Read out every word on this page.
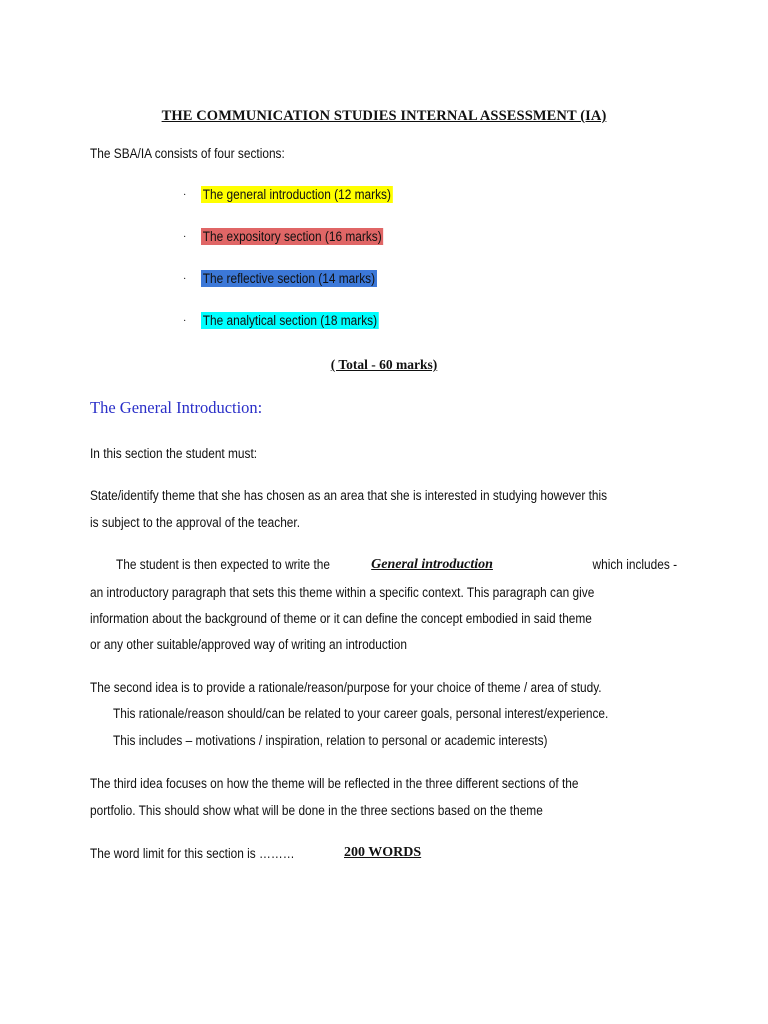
THE COMMUNICATION STUDIES INTERNAL ASSESSMENT (IA)
The SBA/IA consists of four sections:
· The general introduction (12 marks)
· The expository section (16 marks)
· The reflective section (14 marks)
· The analytical section (18 marks)
( Total - 60 marks)
The General Introduction:
In this section the student must:
State/identify theme that she has chosen as an area that she is interested in studying however this
is subject to the approval of the teacher.
The student is then expected to write the	General introduction	which includes -
an introductory paragraph that sets this theme within a specific context. This paragraph can give
information about the background of theme or it can define the concept embodied in said theme
or any other suitable/approved way of writing an introduction
The second idea is to provide a rationale/reason/purpose for your choice of theme / area of study.
This rationale/reason should/can be related to your career goals, personal interest/experience.
This includes – motivations / inspiration, relation to personal or academic interests)
The third idea focuses on how the theme will be reflected in the three different sections of the
portfolio. This should show what will be done in the three sections based on the theme
The word limit for this section is ………	200 WORDS
